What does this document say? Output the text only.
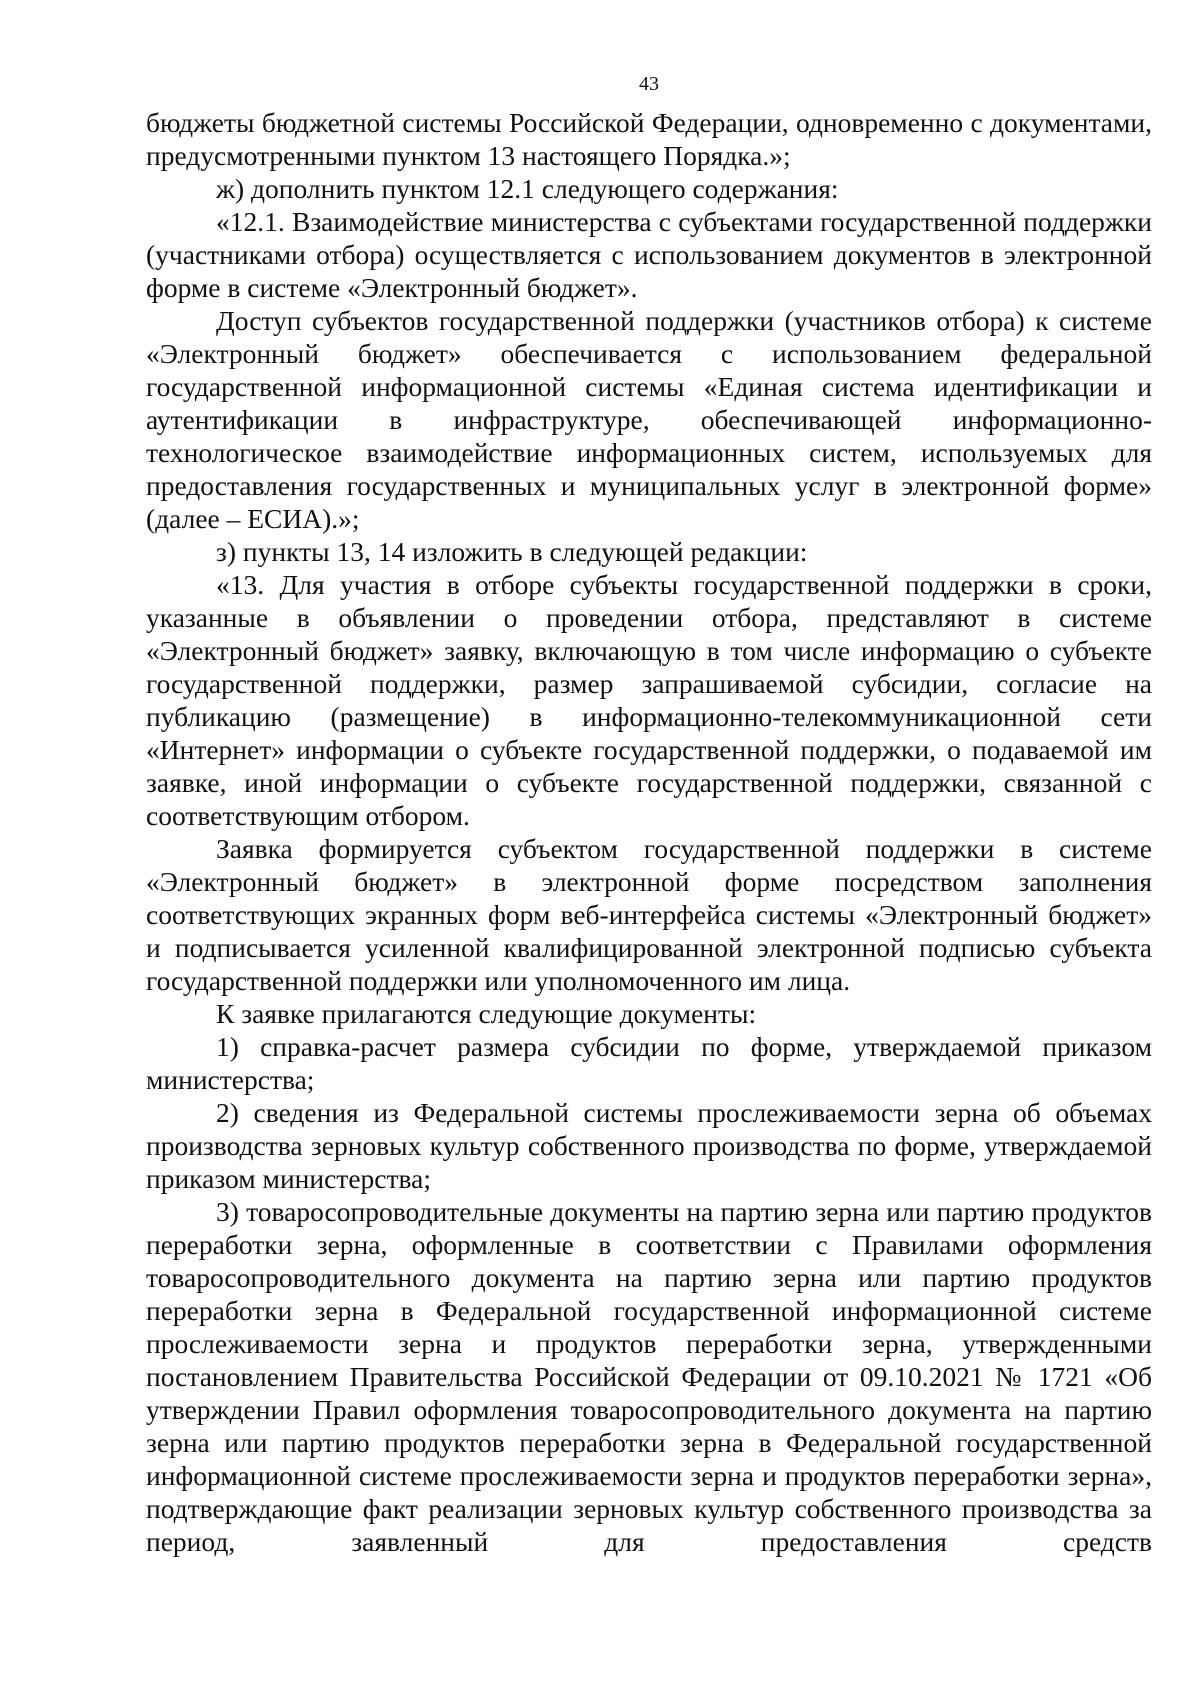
43

бюджеты бюджетной системы Российской Федерации, одновременно с документами, предусмотренными пунктом 13 настоящего Порядка.»;

ж) дополнить пунктом 12.1 следующего содержания:

«12.1. Взаимодействие министерства с субъектами государственной поддержки (участниками отбора) осуществляется с использованием документов в электронной форме в системе «Электронный бюджет».

Доступ субъектов государственной поддержки (участников отбора) к системе «Электронный бюджет» обеспечивается с использованием федеральной государственной информационной системы «Единая система идентификации и аутентификации в инфраструктуре, обеспечивающей информационно-технологическое взаимодействие информационных систем, используемых для предоставления государственных и муниципальных услуг в электронной форме» (далее – ЕСИА).»;

з) пункты 13, 14 изложить в следующей редакции:

«13. Для участия в отборе субъекты государственной поддержки в сроки, указанные в объявлении о проведении отбора, представляют в системе «Электронный бюджет» заявку, включающую в том числе информацию о субъекте государственной поддержки, размер запрашиваемой субсидии, согласие на публикацию (размещение) в информационно-телекоммуникационной сети «Интернет» информации о субъекте государственной поддержки, о подаваемой им заявке, иной информации о субъекте государственной поддержки, связанной с соответствующим отбором.

Заявка формируется субъектом государственной поддержки в системе «Электронный бюджет» в электронной форме посредством заполнения соответствующих экранных форм веб-интерфейса системы «Электронный бюджет» и подписывается усиленной квалифицированной электронной подписью субъекта государственной поддержки или уполномоченного им лица.

К заявке прилагаются следующие документы:

1) справка-расчет размера субсидии по форме, утверждаемой приказом министерства;

2) сведения из Федеральной системы прослеживаемости зерна об объемах производства зерновых культур собственного производства по форме, утверждаемой приказом министерства;

3) товаросопроводительные документы на партию зерна или партию продуктов переработки зерна, оформленные в соответствии с Правилами оформления товаросопроводительного документа на партию зерна или партию продуктов переработки зерна в Федеральной государственной информационной системе прослеживаемости зерна и продуктов переработки зерна, утвержденными постановлением Правительства Российской Федерации от 09.10.2021 № 1721 «Об утверждении Правил оформления товаросопроводительного документа на партию зерна или партию продуктов переработки зерна в Федеральной государственной информационной системе прослеживаемости зерна и продуктов переработки зерна», подтверждающие факт реализации зерновых культур собственного производства за период, заявленный для предоставления средств
